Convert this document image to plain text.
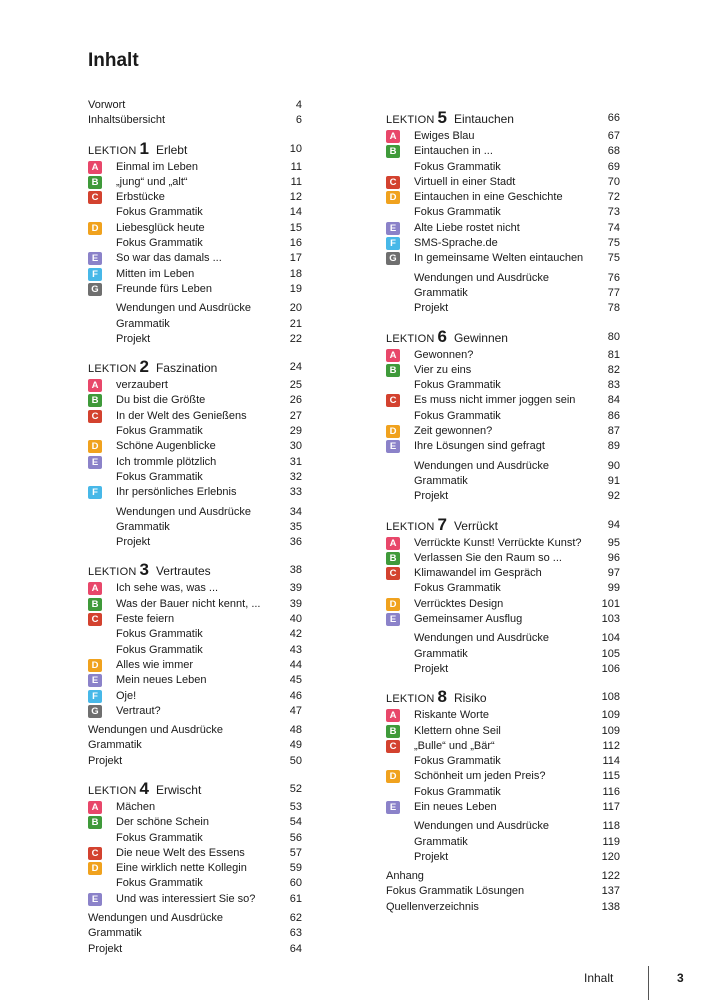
Inhalt
Vorwort	4
Inhaltsübersicht	6
LEKTION 1 Erlebt	10
A	Einmal im Leben	11
B	„jung“ und „alt“	11
C	Erbstücke	12
Fokus Grammatik	14
D	Liebesglück heute	15
Fokus Grammatik	16
E	So war das damals ...	17
F	Mitten im Leben	18
G	Freunde fürs Leben	19
Wendungen und Ausdrücke	20
Grammatik	21
Projekt	22
LEKTION 2 Faszination	24
A	verzaubert	25
B	Du bist die Größte	26
C	In der Welt des Genießens	27
Fokus Grammatik	29
D	Schöne Augenblicke	30
E	Ich trommle plötzlich	31
Fokus Grammatik	32
F	Ihr persönliches Erlebnis	33
Wendungen und Ausdrücke	34
Grammatik	35
Projekt	36
LEKTION 3 Vertrautes	38
A	Ich sehe was, was ...	39
B	Was der Bauer nicht kennt, ...	39
C	Feste feiern	40
Fokus Grammatik	42
Fokus Grammatik	43
D	Alles wie immer	44
E	Mein neues Leben	45
F	Oje!	46
G	Vertraut?	47
Wendungen und Ausdrücke	48
Grammatik	49
Projekt	50
LEKTION 4 Erwischt	52
A	Mächen	53
B	Der schöne Schein	54
Fokus Grammatik	56
C	Die neue Welt des Essens	57
D	Eine wirklich nette Kollegin	59
Fokus Grammatik	60
E	Und was interessiert Sie so?	61
Wendungen und Ausdrücke	62
Grammatik	63
Projekt	64
LEKTION 5 Eintauchen	66
A	Ewiges Blau	67
B	Eintauchen in ...	68
Fokus Grammatik	69
C	Virtuell in einer Stadt	70
D	Eintauchen in eine Geschichte	72
Fokus Grammatik	73
E	Alte Liebe rostet nicht	74
F	SMS-Sprache.de	75
G	In gemeinsame Welten eintauchen 75
Wendungen und Ausdrücke	76
Grammatik	77
Projekt	78
LEKTION 6 Gewinnen	80
A	Gewonnen?	81
B	Vier zu eins	82
Fokus Grammatik	83
C	Es muss nicht immer joggen sein	84
Fokus Grammatik	86
D	Zeit gewonnen?	87
E	Ihre Lösungen sind gefragt	89
Wendungen und Ausdrücke	90
Grammatik	91
Projekt	92
LEKTION 7 Verrückt	94
A	Verrückte Kunst! Verrückte Kunst? 95
B	Verlassen Sie den Raum so ...	96
C	Klimawandel im Gespräch	97
Fokus Grammatik	99
D	Verrücktes Design	101
E	Gemeinsamer Ausflug	103
Wendungen und Ausdrücke	104
Grammatik	105
Projekt	106
LEKTION 8 Risiko	108
A	Riskante Worte	109
B	Klettern ohne Seil	109
C	„Bulle“ und „Bär“	112
Fokus Grammatik	114
D	Schönheit um jeden Preis?	115
Fokus Grammatik	116
E	Ein neues Leben	117
Wendungen und Ausdrücke	118
Grammatik	119
Projekt	120
Anhang	122
Fokus Grammatik Lösungen	137
Quellenverzeichnis	138
Inhalt	3
